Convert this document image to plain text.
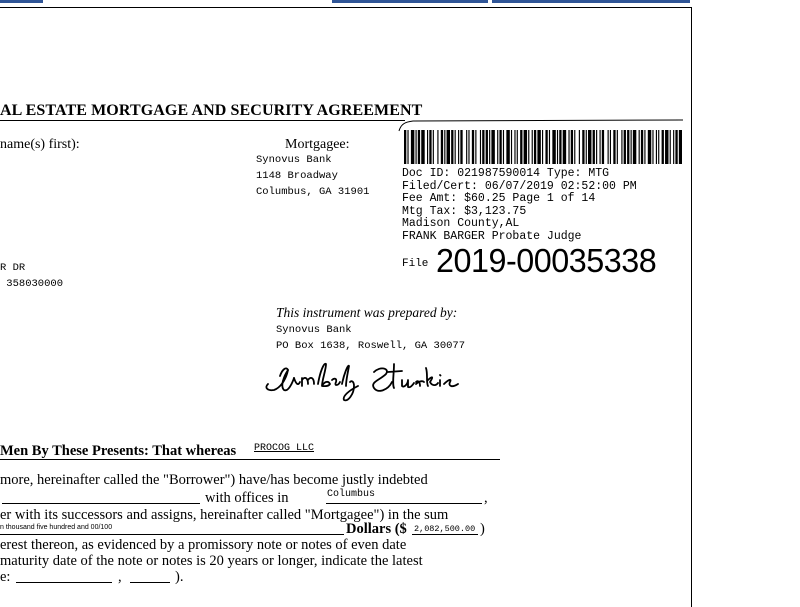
AL ESTATE MORTGAGE AND SECURITY AGREEMENT
name(s) first):	Mortgagee:
Synovus Bank
1148 Broadway
Columbus, GA 31901
R DR
358030000
Doc ID: 021987590014 Type: MTG
Filed/Cert: 06/07/2019 02:52:00 PM
Fee Amt: $60.25 Page 1 of 14
Mtg Tax: $3,123.75
Madison County,AL
FRANK BARGER Probate Judge
File 2019-00035338
This instrument was prepared by:
Synovus Bank
PO Box 1638, Roswell, GA 30077
Men By These Presents: That whereas PROCOG LLC
more, hereinafter called the "Borrower") have/has become justly indebted
with offices in	Columbus	,
er with its successors and assigns, hereinafter called "Mortgagee") in the sum
n thousand five hundred and 00/100	Dollars ($ 2,082,500.00 )
erest thereon, as evidenced by a promissory note or notes of even date
maturity date of the note or notes is 20 years or longer, indicate the latest
e:	,	).
